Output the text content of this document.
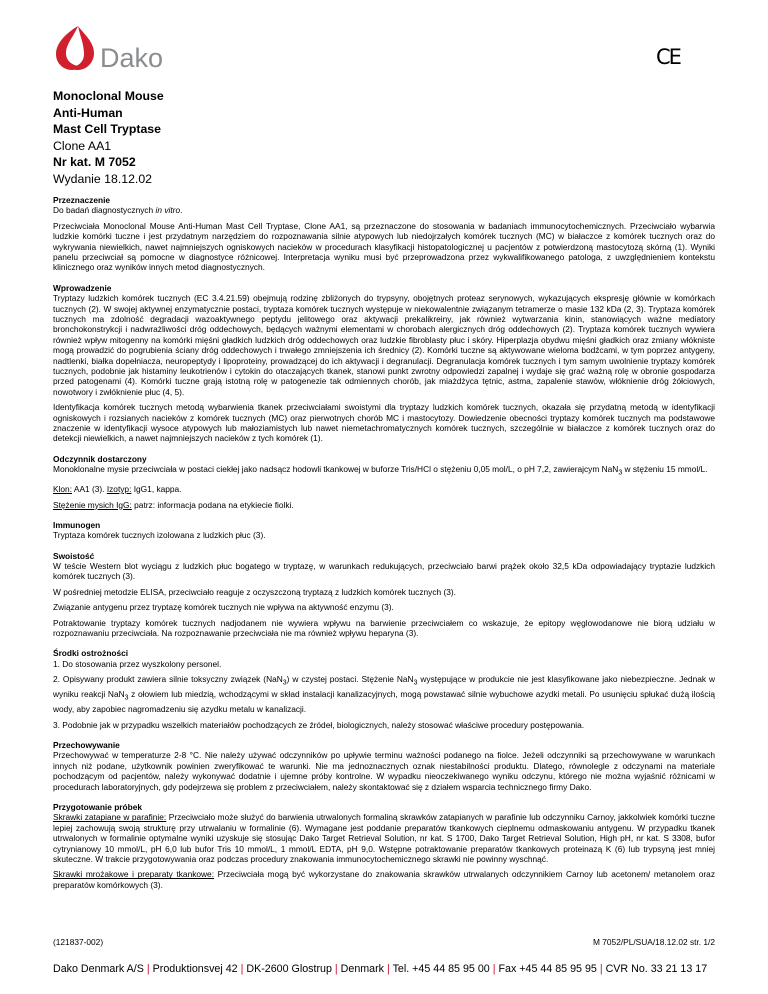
Dako	CE
Monoclonal Mouse
Anti-Human
Mast Cell Tryptase
Clone AA1
Nr kat. M 7052
Wydanie 18.12.02
Przeznaczenie

Do badań diagnostycznych in vitro.

Przeciwciała Monoclonal Mouse Anti-Human Mast Cell Tryptase, Clone AA1, są przeznaczone do stosowania w badaniach immunocytochemicznych. Przeciwciało wybarwia ludzkie komórki tuczne i jest przydatnym narzędziem do rozpoznawania silnie atypowych lub niedojrzałych komórek tucznych (MC) w białaczce z komórek tucznych oraz do wykrywania niewielkich, nawet najmniejszych ogniskowych nacieków w procedurach klasyfikacji histopatologicznej u pacjentów z potwierdzoną mastocytozą skórną (1). Wyniki panelu przeciwciał są pomocne w diagnostyce różnicowej. Interpretacja wyniku musi być przeprowadzona przez wykwalifikowanego patologa, z uwzględnieniem kontekstu klinicznego oraz wyników innych metod diagnostycznych.

Wprowadzenie

Tryptazy ludzkich komórek tucznych (EC 3.4.21.59) obejmują rodzinę zbliżonych do trypsyny, obojętnych proteaz serynowych, wykazujących ekspresję głównie w komórkach tucznych (2). W swojej aktywnej enzymatycznie postaci, tryptaza komórek tucznych występuje w niekowalentnie związanym tetramerze o masie 132 kDa (2, 3). Tryptaza komórek tucznych ma zdolność degradacji wazoaktywnego peptydu jelitowego oraz aktywacji prekalikreiny, jak również wytwarzania kinin, stanowiących ważne mediatory bronchokonstrykcji i nadwrażliwości dróg oddechowych, będących ważnymi elementami w chorobach alergicznych dróg oddechowych (2). Tryptaza komórek tucznych wywiera również wpływ mitogenny na komórki mięśni gładkich ludzkich dróg oddechowych oraz ludzkie fibroblasty płuc i skóry. Hiperplazja obydwu mięśni gładkich oraz zmiany włókniste mogą prowadzić do pogrubienia ściany dróg oddechowych i trwałego zmniejszenia ich średnicy (2). Komórki tuczne są aktywowane wieloma bodźcami, w tym poprzez antygeny, nadtlenki, białka dopełniacza, neuropeptydy i lipoproteiny, prowadzącej do ich aktywacji i degranulacji. Degranulacja komórek tucznych i tym samym uwolnienie tryptazy komórek tucznych, podobnie jak histaminy leukotrienów i cytokin do otaczających tkanek, stanowi punkt zwrotny odpowiedzi zapalnej i wydaje się grać ważną rolę w obronie gospodarza przed patogenami (4). Komórki tuczne grają istotną rolę w patogenezie tak odmiennych chorób, jak miażdżyca tętnic, astma, zapalenie stawów, włóknienie dróg żółciowych, nowotwory i zwłóknienie płuc (4, 5).

Identyfikacja komórek tucznych metodą wybarwienia tkanek przeciwciałami swoistymi dla tryptazy ludzkich komórek tucznych, okazała się przydatną metodą w identyfikacji ogniskowych i rozsianych nacieków z komórek tucznych (MC) oraz pierwotnych chorób MC i mastocytozy. Dowiedzenie obecności tryptazy komórek tucznych ma podstawowe znaczenie w identyfikacji wysoce atypowych lub małoziamistych lub nawet niemetachromatycznych komórek tucznych, szczególnie w białaczce z komórek tucznych oraz do detekcji niewielkich, a nawet najmniejszych nacieków z tych komórek (1).

Odczynnik dostarczony

Monoklonalne mysie przeciwciała w postaci ciekłej jako nadsącz hodowli tkankowej w buforze Tris/HCl o stężeniu 0,05 mol/L, o pH 7,2, zawierajcym NaN$_3$ w stężeniu 15 mmol/L.

Klon: AA1 (3). Izotyp: IgG1, kappa.

Stężenie mysich IgG: patrz: informacja podana na etykiecie fiolki.

Immunogen

Tryptaza komórek tucznych izolowana z ludzkich płuc (3).

Swoistość

W teście Western blot wyciągu z ludzkich płuc bogatego w tryptazę, w warunkach redukujących, przeciwciało barwi prążek około 32,5 kDa odpowiadający tryptazie ludzkich komórek tucznych (3).

W pośredniej metodzie ELISA, przeciwciało reaguje z oczyszczoną tryptazą z ludzkich komórek tucznych (3).

Związanie antygenu przez tryptazę komórek tucznych nie wpływa na aktywność enzymu (3).

Potraktowanie tryptazy komórek tucznych nadjodanem nie wywiera wpływu na barwienie przeciwciałem co wskazuje, że epitopy węglowodanowe nie biorą udziału w rozpoznawaniu przeciwciała. Na rozpoznawanie przeciwciała nie ma również wpływu heparyna (3).

Środki ostrożności

1. Do stosowania przez wyszkolony personel.

2. Opisywany produkt zawiera silnie toksyczny związek (NaN$_3$) w czystej postaci. Stężenie NaN$_3$ występujące w produkcie nie jest klasyfikowane jako niebezpieczne. Jednak w wyniku reakcji NaN$_3$ z ołowiem lub miedzią, wchodzącymi w skład instalacji kanalizacyjnych, mogą powstawać silnie wybuchowe azydki metali. Po usunięciu spłukać dużą ilością wody, aby zapobiec nagromadzeniu się azydku metalu w kanalizacji.

3. Podobnie jak w przypadku wszelkich materiałów pochodzących ze źródeł, biologicznych, należy stosować właściwe procedury postępowania.

Przechowywanie

Przechowywać w temperaturze 2-8 °C. Nie należy używać odczynników po upływie terminu ważności podanego na fiolce. Jeżeli odczynniki są przechowywane w warunkach innych niż podane, użytkownik powinien zweryfikować te warunki. Nie ma jednoznacznych oznak niestabilności produktu. Dlatego, równolegle z odczynami na materiale pochodzącym od pacjentów, należy wykonywać dodatnie i ujemne próby kontrolne. W wypadku nieoczekiwanego wyniku odczynu, którego nie można wyjaśnić różnicami w procedurach laboratoryjnych, gdy podejrzewa się problem z przeciwciałem, należy skontaktować się z działem wsparcia technicznego firmy Dako.

Przygotowanie próbek

Skrawki zatapiane w parafinie: Przeciwciało może służyć do barwienia utrwalonych formaliną skrawków zatapianych w parafinie lub odczynniku Carnoy, jakkolwiek komórki tuczne lepiej zachowują swoją strukturę przy utrwalaniu w formalinie (6). Wymagane jest poddanie preparatów tkankowych cieplnemu odmaskowaniu antygenu. W przypadku tkanek utrwalonych w formalinie optymalne wyniki uzyskuje się stosując Dako Target Retrieval Solution, nr kat. S 1700, Dako Target Retrieval Solution, High pH, nr kat. S 3308, bufor cytrynianowy 10 mmol/L, pH 6,0 lub bufor Tris 10 mmol/L, 1 mmol/L EDTA, pH 9,0. Wstępne potraktowanie preparatów tkankowych proteinazą K (6) lub trypsyną jest mniej skuteczne. W trakcie przygotowywania oraz podczas procedury znakowania immunocytochemicznego skrawki nie powinny wyschnąć.

Skrawki mrożakowe i preparaty tkankowe: Przeciwciała mogą być wykorzystane do znakowania skrawków utrwalanych odczynnikiem Carnoy lub acetonem/ metanolem oraz preparatów komórkowych (3).

(121837-002)	M 7052/PL/SUA/18.12.02 str. 1/2
Dako Denmark A/S | Produktionsvej 42 | DK-2600 Glostrup | Denmark | Tel. +45 44 85 95 00 | Fax +45 44 85 95 95 | CVR No. 33 21 13 17
